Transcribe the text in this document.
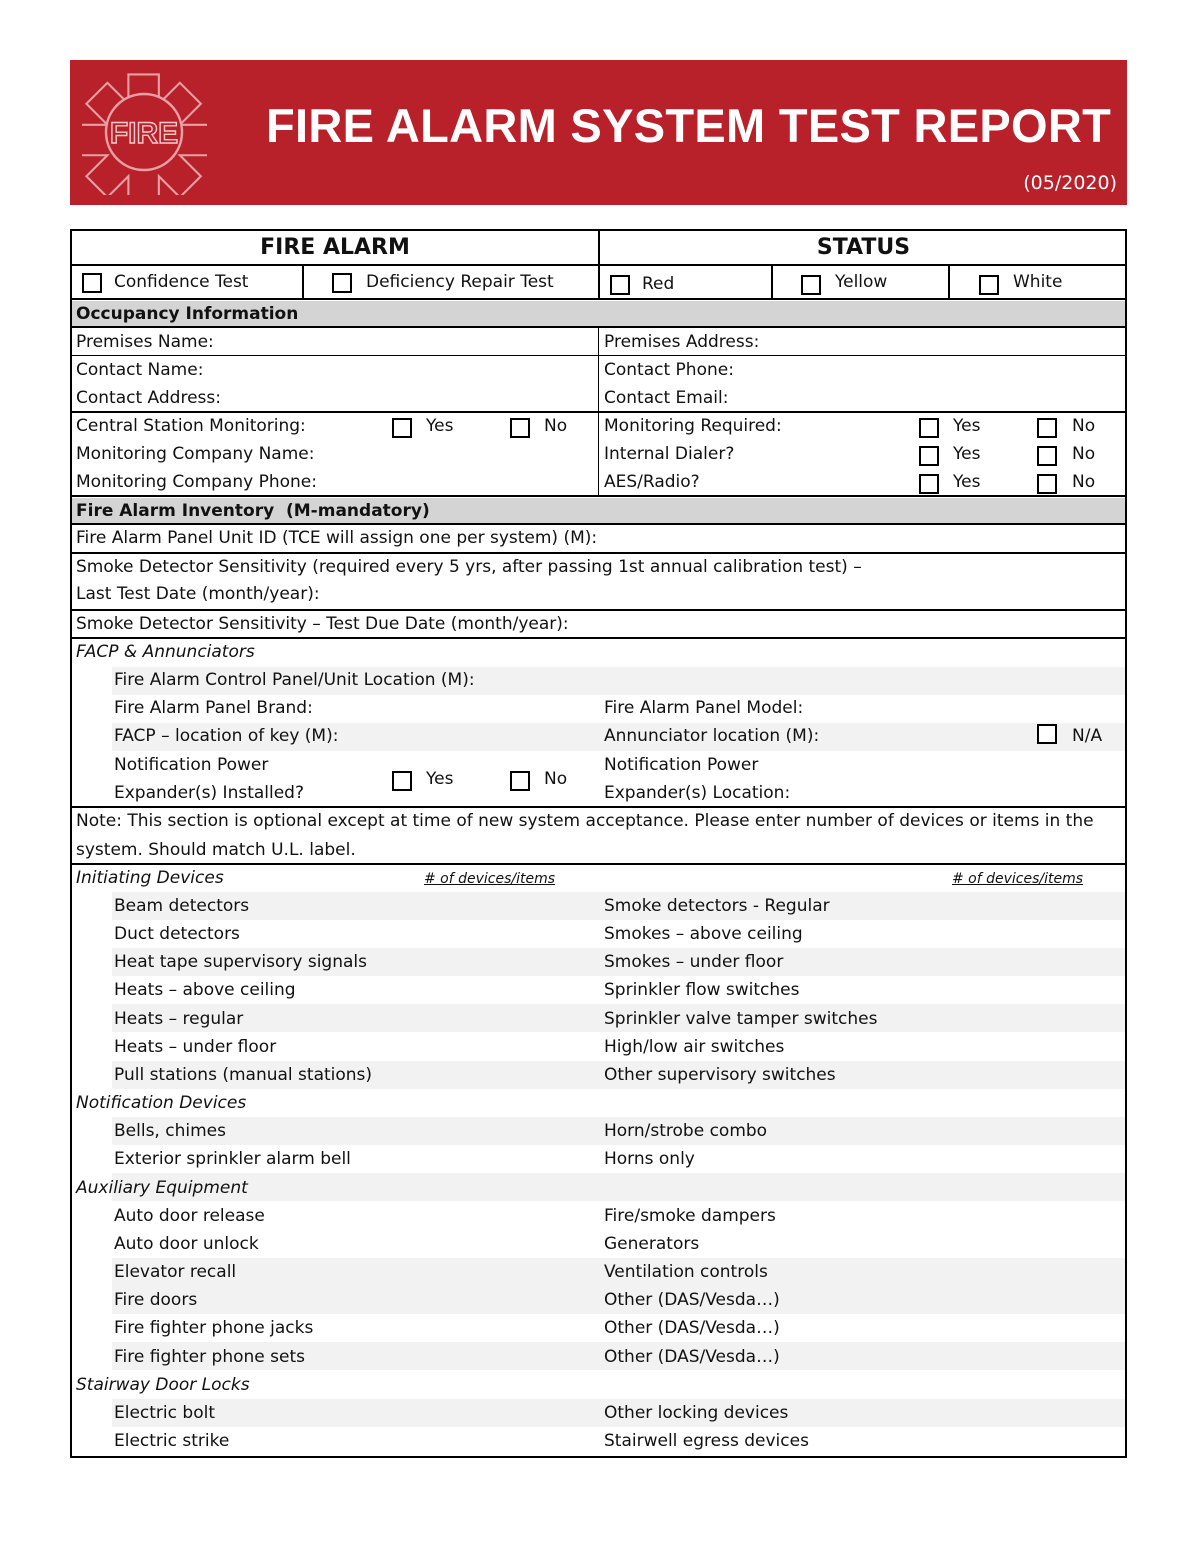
FIRE FIRE ALARM SYSTEM TEST REPORT
(05/2020)
FIRE ALARM	STATUS
Confidence Test	Deficiency Repair Test	Red	Yellow	White
Occupancy Information
Premises Name:	Premises Address:
Contact Name:	Contact Phone:
Contact Address:	Contact Email:
Central Station Monitoring:	Yes	No
Monitoring Company Name:
Monitoring Company Phone:
Monitoring Required:	Yes	No
Internal Dialer?	Yes	No
AES/Radio?	Yes	No
Fire Alarm Inventory (M-mandatory)
Fire Alarm Panel Unit ID (TCE will assign one per system) (M):
Smoke Detector Sensitivity (required every 5 yrs, after passing 1st annual calibration test) –
Last Test Date (month/year):
Smoke Detector Sensitivity – Test Due Date (month/year):
FACP & Annunciators
Fire Alarm Control Panel/Unit Location (M):
Fire Alarm Panel Brand:	Fire Alarm Panel Model:
FACP – location of key (M):	Annunciator location (M):	N/A
Notification Power
Expander(s) Installed?
Yes	No
Notification Power
Expander(s) Location:
Note: This section is optional except at time of new system acceptance. Please enter number of devices or items in the
system. Should match U.L. label.
Initiating Devices	# of devices/items	# of devices/items
Beam detectors	Smoke detectors - Regular
Duct detectors	Smokes – above ceiling
Heat tape supervisory signals	Smokes – under floor
Heats – above ceiling	Sprinkler flow switches
Heats – regular	Sprinkler valve tamper switches
Heats – under floor	High/low air switches
Pull stations (manual stations)	Other supervisory switches
Notification Devices
Bells, chimes	Horn/strobe combo
Exterior sprinkler alarm bell	Horns only
Auxiliary Equipment
Auto door release	Fire/smoke dampers
Auto door unlock	Generators
Elevator recall	Ventilation controls
Fire doors	Other (DAS/Vesda…)
Fire fighter phone jacks	Other (DAS/Vesda…)
Fire fighter phone sets	Other (DAS/Vesda…)
Stairway Door Locks
Electric bolt	Other locking devices
Electric strike	Stairwell egress devices
